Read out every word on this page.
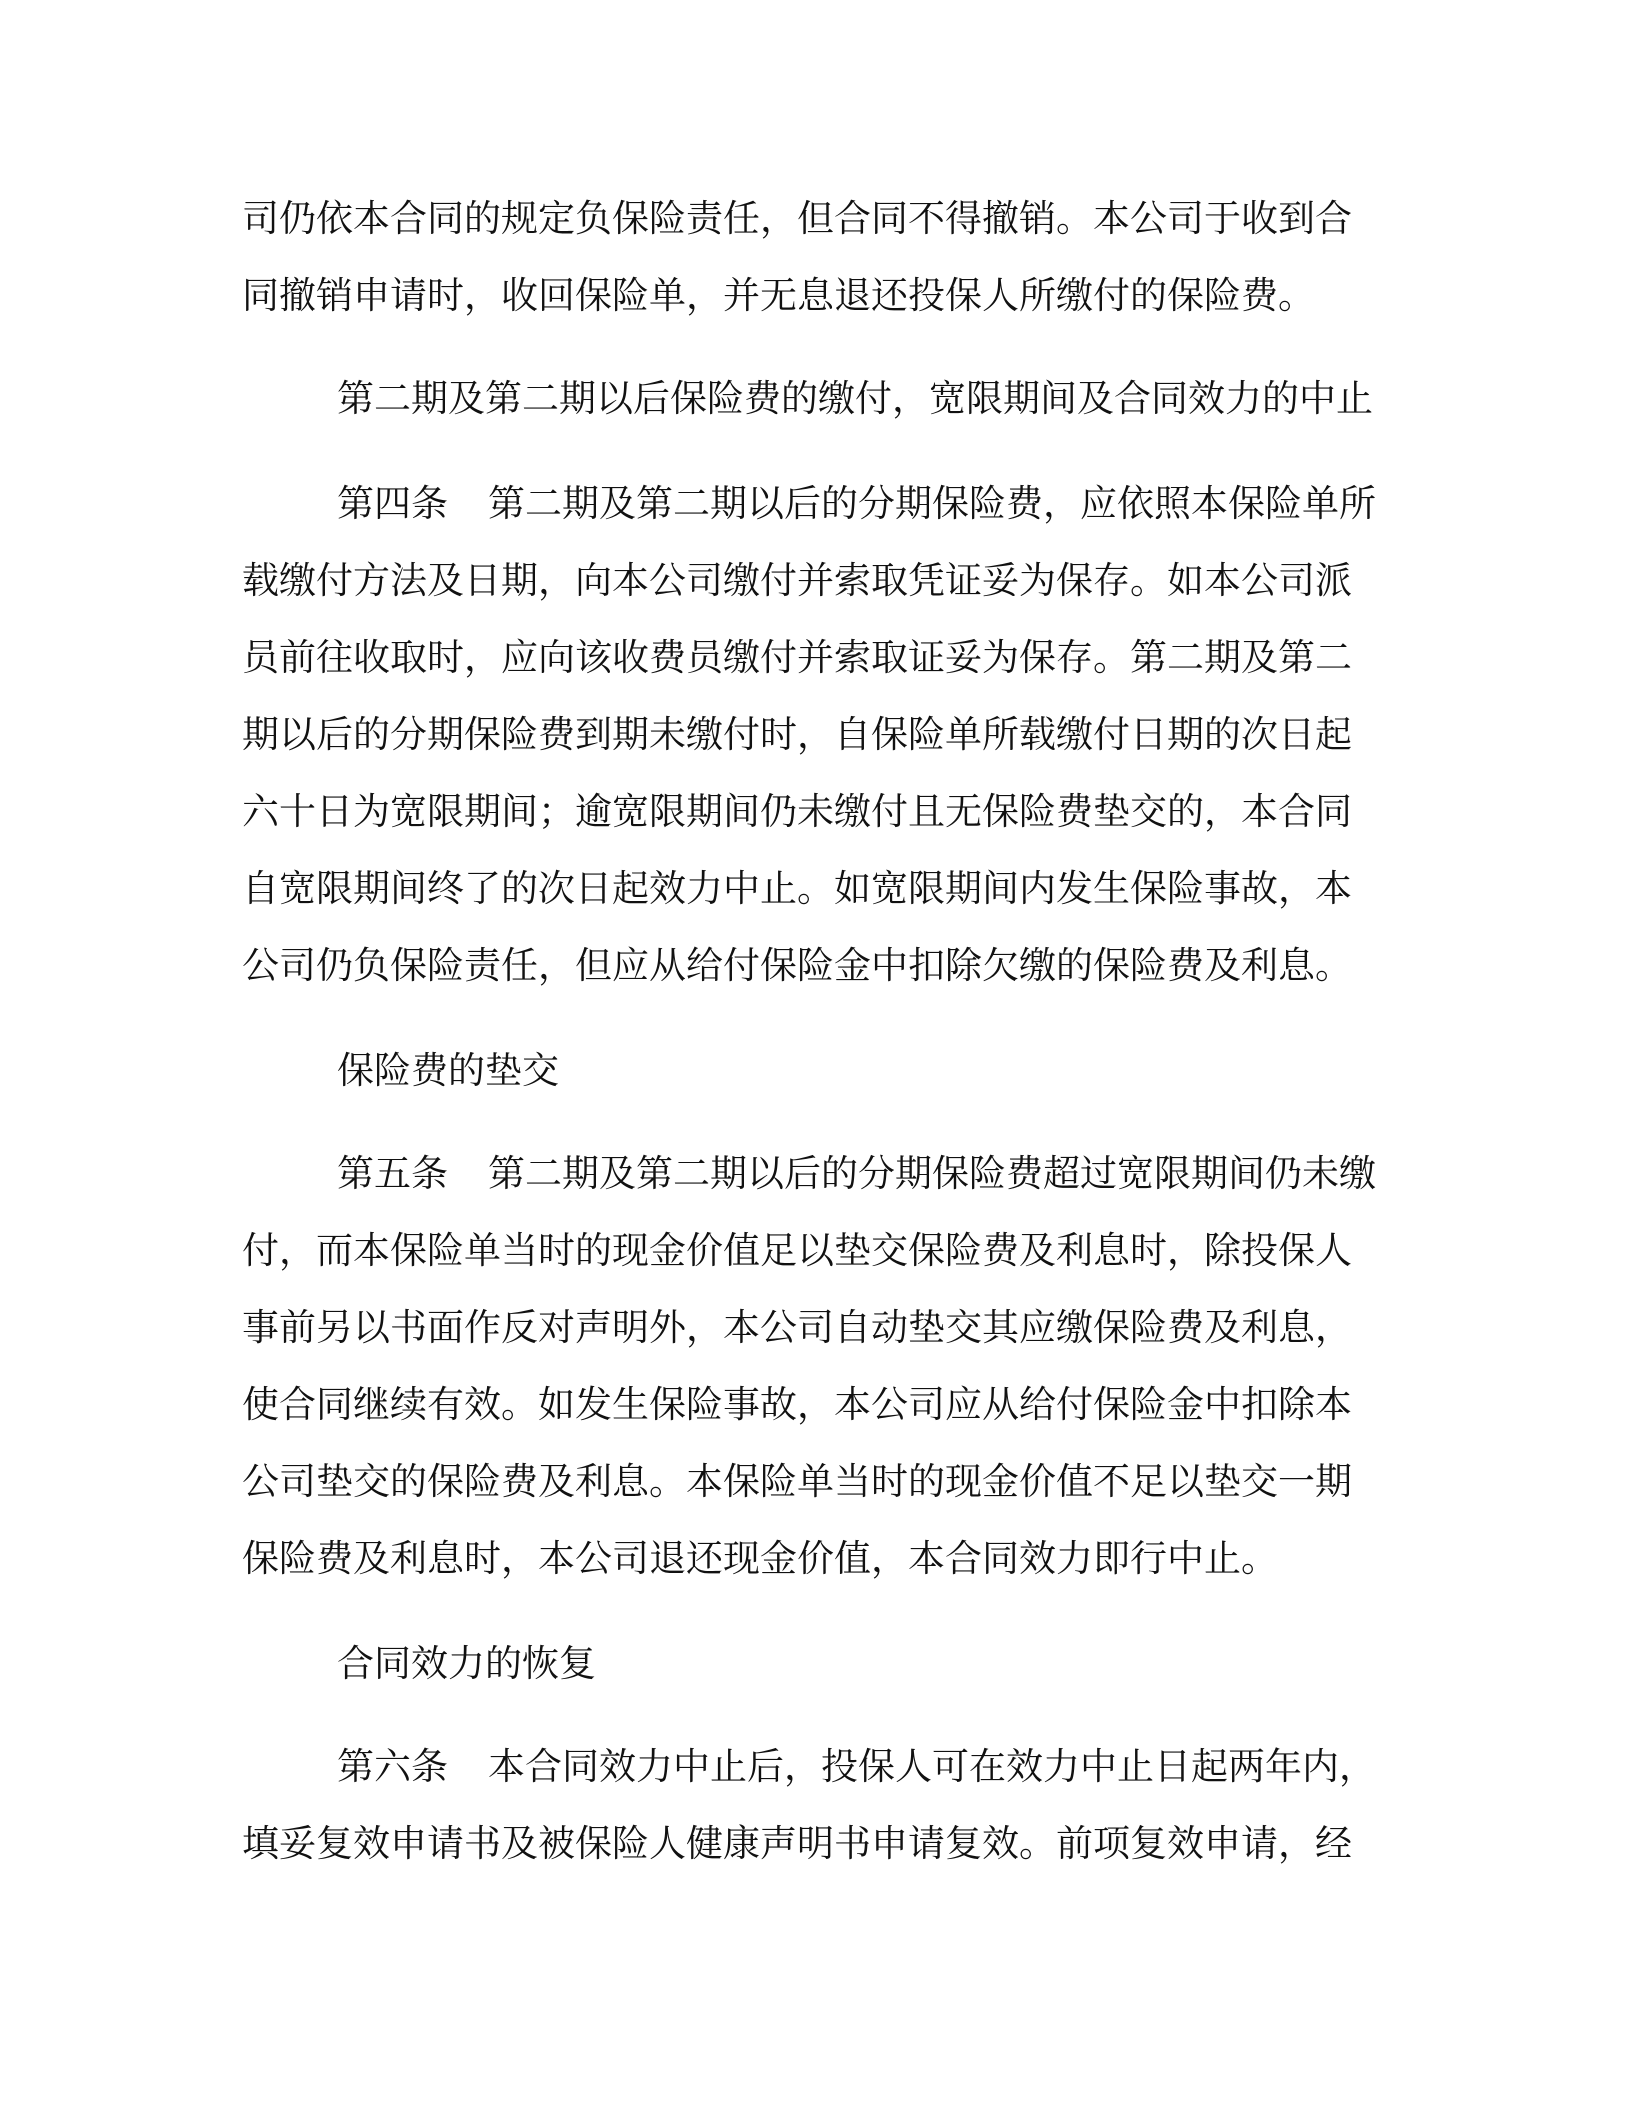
司仍依本合同的规定负保险责任，但合同不得撤销。本公司于收到合
同撤销申请时，收回保险单，并无息退还投保人所缴付的保险费。
第二期及第二期以后保险费的缴付，宽限期间及合同效力的中止
第四条 第二期及第二期以后的分期保险费，应依照本保险单所
载缴付方法及日期，向本公司缴付并索取凭证妥为保存。如本公司派
员前往收取时，应向该收费员缴付并索取证妥为保存。第二期及第二
期以后的分期保险费到期未缴付时，自保险单所载缴付日期的次日起
六十日为宽限期间；逾宽限期间仍未缴付且无保险费垫交的，本合同
自宽限期间终了的次日起效力中止。如宽限期间内发生保险事故，本
公司仍负保险责任，但应从给付保险金中扣除欠缴的保险费及利息。
保险费的垫交
第五条 第二期及第二期以后的分期保险费超过宽限期间仍未缴
付，而本保险单当时的现金价值足以垫交保险费及利息时，除投保人
事前另以书面作反对声明外，本公司自动垫交其应缴保险费及利息，
使合同继续有效。如发生保险事故，本公司应从给付保险金中扣除本
公司垫交的保险费及利息。本保险单当时的现金价值不足以垫交一期
保险费及利息时，本公司退还现金价值，本合同效力即行中止。
合同效力的恢复
第六条 本合同效力中止后，投保人可在效力中止日起两年内，
填妥复效申请书及被保险人健康声明书申请复效。前项复效申请，经
